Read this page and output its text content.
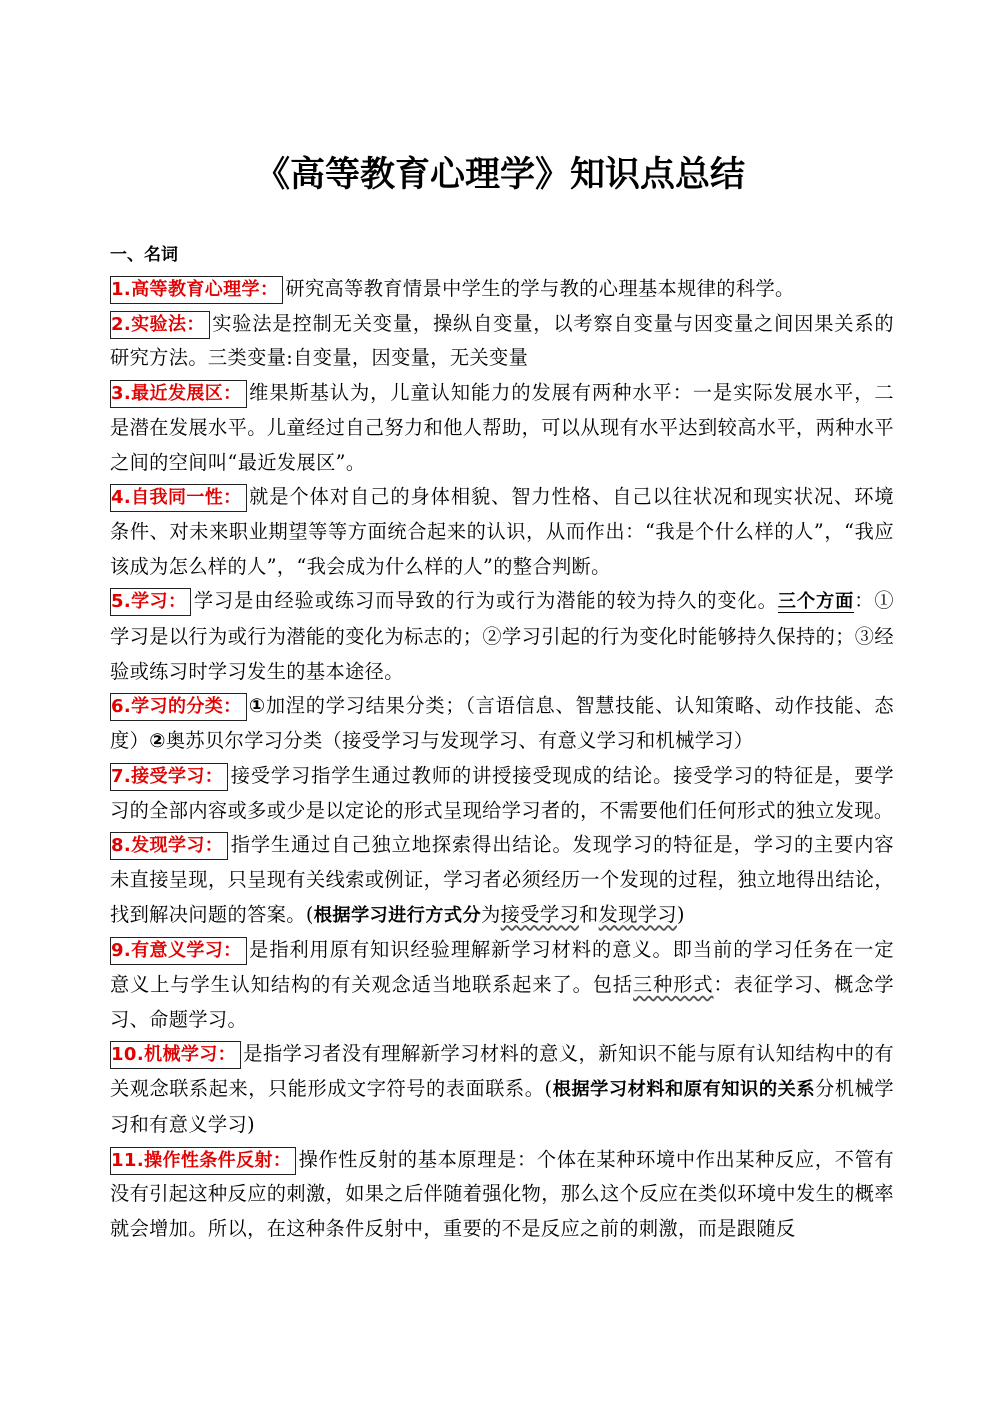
《高等教育心理学》知识点总结
一、名词

1.高等教育心理学： 研究高等教育情景中学生的学与教的心理基本规律的科学。

2.实验法： 实验法是控制无关变量，操纵自变量，以考察自变量与因变量之间因果关系的研究方法。三类变量:自变量，因变量，无关变量

3.最近发展区： 维果斯基认为，儿童认知能力的发展有两种水平：一是实际发展水平，二是潜在发展水平。儿童经过自己努力和他人帮助，可以从现有水平达到较高水平，两种水平之间的空间叫“最近发展区”。

4.自我同一性： 就是个体对自己的身体相貌、智力性格、自己以往状况和现实状况、环境条件、对未来职业期望等等方面统合起来的认识，从而作出：“我是个什么样的人”，“我应该成为怎么样的人”，“我会成为什么样的人”的整合判断。

5.学习： 学习是由经验或练习而导致的行为或行为潜能的较为持久的变化。三个方面：①学习是以行为或行为潜能的变化为标志的；②学习引起的行为变化时能够持久保持的；③经验或练习时学习发生的基本途径。

6.学习的分类： ①加涅的学习结果分类；（言语信息、智慧技能、认知策略、动作技能、态度）②奥苏贝尔学习分类（接受学习与发现学习、有意义学习和机械学习）

7.接受学习： 接受学习指学生通过教师的讲授接受现成的结论。接受学习的特征是，要学习的全部内容或多或少是以定论的形式呈现给学习者的，不需要他们任何形式的独立发现。

8.发现学习： 指学生通过自己独立地探索得出结论。发现学习的特征是，学习的主要内容未直接呈现，只呈现有关线索或例证，学习者必须经历一个发现的过程，独立地得出结论，找到解决问题的答案。(根据学习进行方式分为接受学习和发现学习)

9.有意义学习： 是指利用原有知识经验理解新学习材料的意义。即当前的学习任务在一定意义上与学生认知结构的有关观念适当地联系起来了。包括三种形式：表征学习、概念学习、命题学习。

10.机械学习： 是指学习者没有理解新学习材料的意义，新知识不能与原有认知结构中的有关观念联系起来，只能形成文字符号的表面联系。(根据学习材料和原有知识的关系分机械学习和有意义学习)

11.操作性条件反射： 操作性反射的基本原理是：个体在某种环境中作出某种反应，不管有没有引起这种反应的刺激，如果之后伴随着强化物，那么这个反应在类似环境中发生的概率就会增加。所以，在这种条件反射中，重要的不是反应之前的刺激，而是跟随反
